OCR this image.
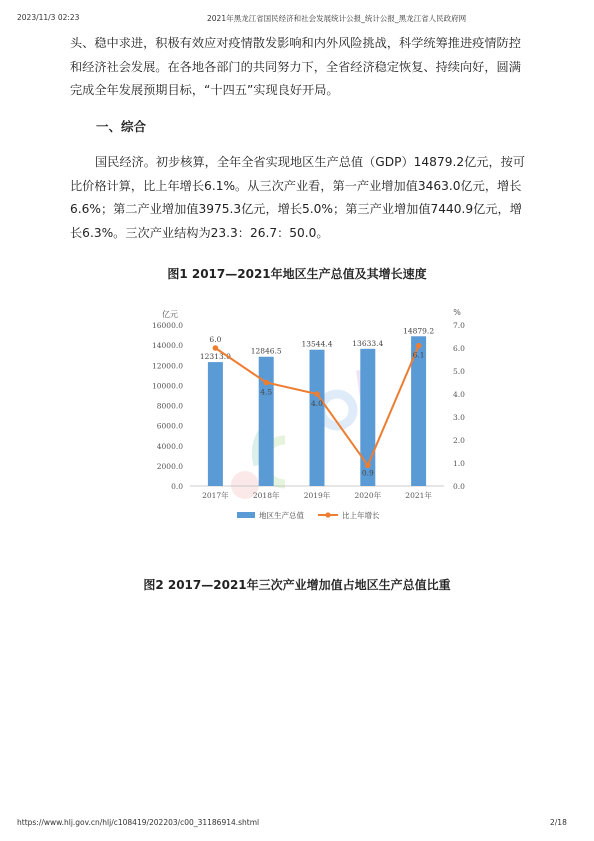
2023/11/3 02:23	2021年黑龙江省国民经济和社会发展统计公报_统计公报_黑龙江省人民政府网

头、稳中求进，积极有效应对疫情散发影响和内外风险挑战，科学统筹推进疫情防控和经济社会发展。在各地各部门的共同努力下，全省经济稳定恢复、持续向好，圆满完成全年发展预期目标，“十四五”实现良好开局。

一、综合

国民经济。初步核算，全年全省实现地区生产总值（GDP）14879.2亿元，按可比价格计算，比上年增长6.1%。从三次产业看，第一产业增加值3463.0亿元，增长6.6%；第二产业增加值3975.3亿元，增长5.0%；第三产业增加值7440.9亿元，增长6.3%。三次产业结构为23.3：26.7：50.0。

图1 2017—2021年地区生产总值及其增长速度
亿元	%
0.0
2000.0
4000.0
6000.0
8000.0
10000.0
12000.0
14000.0
16000.0
0.0
1.0
2.0
3.0
4.0
5.0
6.0
7.0
12313.0
12846.5
13544.4	13633.4
14879.2
2017年	2018年	2019年	2020年	2021年
6.0
4.5
4.0
0.9
6.1
地区生产总值	比上年增长
图2 2017—2021年三次产业增加值占地区生产总值比重
https://www.hlj.gov.cn/hlj/c108419/202203/c00_31186914.shtml	2/18
